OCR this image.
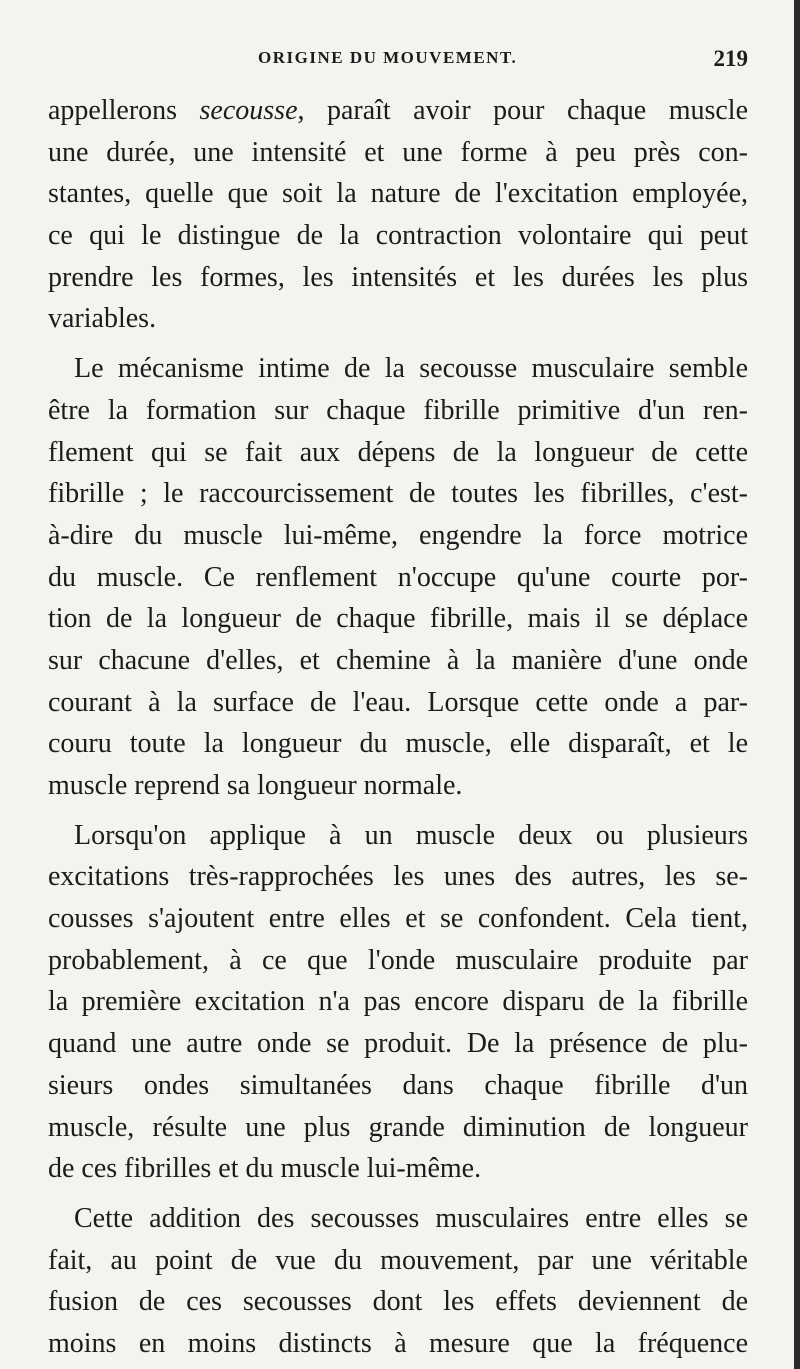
ORIGINE DU MOUVEMENT.	219
appellerons secousse, paraît avoir pour chaque muscle
une durée, une intensité et une forme à peu près con-
stantes, quelle que soit la nature de l'excitation employée,
ce qui le distingue de la contraction volontaire qui peut
prendre les formes, les intensités et les durées les plus
variables.
Le mécanisme intime de la secousse musculaire semble
être la formation sur chaque fibrille primitive d'un ren-
flement qui se fait aux dépens de la longueur de cette
fibrille ; le raccourcissement de toutes les fibrilles, c'est-
à-dire du muscle lui-même, engendre la force motrice
du muscle. Ce renflement n'occupe qu'une courte por-
tion de la longueur de chaque fibrille, mais il se déplace
sur chacune d'elles, et chemine à la manière d'une onde
courant à la surface de l'eau. Lorsque cette onde a par-
couru toute la longueur du muscle, elle disparaît, et le
muscle reprend sa longueur normale.
Lorsqu'on applique à un muscle deux ou plusieurs
excitations très-rapprochées les unes des autres, les se-
cousses s'ajoutent entre elles et se confondent. Cela tient,
probablement, à ce que l'onde musculaire produite par
la première excitation n'a pas encore disparu de la fibrille
quand une autre onde se produit. De la présence de plu-
sieurs ondes simultanées dans chaque fibrille d'un
muscle, résulte une plus grande diminution de longueur
de ces fibrilles et du muscle lui-même.
Cette addition des secousses musculaires entre elles se
fait, au point de vue du mouvement, par une véritable
fusion de ces secousses dont les effets deviennent de
moins en moins distincts à mesure que la fréquence
